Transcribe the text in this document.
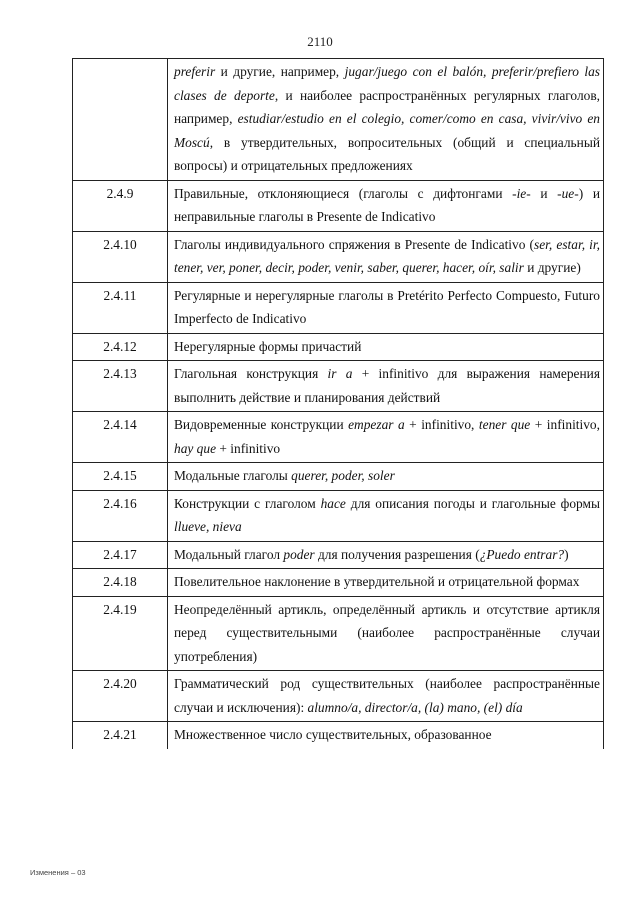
2110
	preferir и другие, например, jugar/juego con el balón, preferir/prefiero las clases de deporte, и наиболее распространённых регулярных глаголов, например, estudiar/estudio en el colegio, comer/como en casa, vivir/vivo en Moscú, в утвердительных, вопросительных (общий и специальный вопросы) и отрицательных предложениях
2.4.9	Правильные, отклоняющиеся (глаголы с дифтонгами -ie- и -ue-) и неправильные глаголы в Presente de Indicativo
2.4.10	Глаголы индивидуального спряжения в Presente de Indicativo (ser, estar, ir, tener, ver, poner, decir, poder, venir, saber, querer, hacer, oír, salir и другие)
2.4.11	Регулярные и нерегулярные глаголы в Pretérito Perfecto Compuesto, Futuro Imperfecto de Indicativo
2.4.12	Нерегулярные формы причастий
2.4.13	Глагольная конструкция ir a + infinitivo для выражения намерения выполнить действие и планирования действий
2.4.14	Видовременные конструкции empezar a + infinitivo, tener que + infinitivo, hay que + infinitivo
2.4.15	Модальные глаголы querer, poder, soler
2.4.16	Конструкции с глаголом hace для описания погоды и глагольные формы llueve, nieva
2.4.17	Модальный глагол poder для получения разрешения (¿Puedo entrar?)
2.4.18	Повелительное наклонение в утвердительной и отрицательной формах
2.4.19	Неопределённый артикль, определённый артикль и отсутствие артикля перед существительными (наиболее распространённые случаи употребления)
2.4.20	Грамматический род существительных (наиболее распространённые случаи и исключения): alumno/a, director/a, (la) mano, (el) día
2.4.21	Множественное число существительных, образованное
Изменения – 03
